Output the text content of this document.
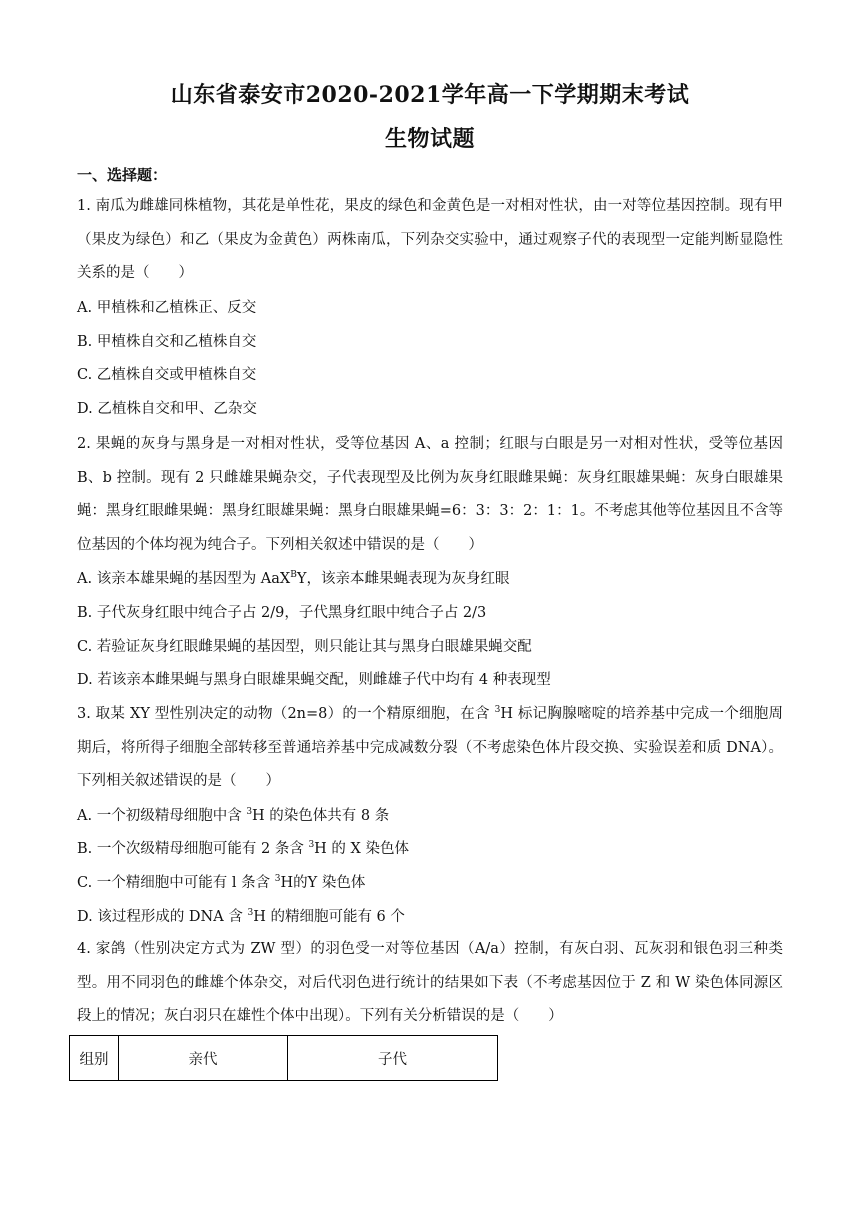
山东省泰安市2020-2021学年高一下学期期末考试
生物试题

一、选择题：

1. 南瓜为雌雄同株植物，其花是单性花，果皮的绿色和金黄色是一对相对性状，由一对等位基因控制。现有甲（果皮为绿色）和乙（果皮为金黄色）两株南瓜，下列杂交实验中，通过观察子代的表现型一定能判断显隐性关系的是（　　）

A. 甲植株和乙植株正、反交

B. 甲植株自交和乙植株自交

2. 果蝇的灰身与黑身是一对相对性状，受等位基因 A、a 控制；红眼与白眼是另一对相对性状，受等位基因 B、b 控制。现有 2 只雌雄果蝇杂交，子代表现型及比例为灰身红眼雌果蝇：灰身红眼雄果蝇：灰身白眼雄果蝇：黑身红眼雌果蝇：黑身红眼雄果蝇：黑身白眼雄果蝇=6：3：3：2：1：1。不考虑其他等位基因且不含等位基因的个体均视为纯合子。下列相关叙述中错误的是（　　）

A. 该亲本雄果蝇的基因型为 AaX$^B$Y，该亲本雌果蝇表现为灰身红眼

B. 子代灰身红眼中纯合子占 2/9，子代黑身红眼中纯合子占 2/3

C. 若验证灰身红眼雌果蝇的基因型，则只能让其与黑身白眼雄果蝇交配

D. 若该亲本雌果蝇与黑身白眼雄果蝇交配，则雌雄子代中均有 4 种表现型

3. 取某 XY 型性别决定的动物（2n=8）的一个精原细胞，在含 $^3$H 标记胸腺嘧啶的培养基中完成一个细胞周期后，将所得子细胞全部转移至普通培养基中完成减数分裂（不考虑染色体片段交换、实验误差和质 DNA）。下列相关叙述错误的是（　　）

A. 一个初级精母细胞中含 $^3$H 的染色体共有 8 条

B. 一个次级精母细胞可能有 2 条含 $^3$H 的 X 染色体

C. 一个精细胞中可能有 l 条含 $^3$H的Y 染色体

D. 该过程形成的 DNA 含 $^3$H 的精细胞可能有 6 个

4. 家鸽（性别决定方式为 ZW 型）的羽色受一对等位基因（A/a）控制，有灰白羽、瓦灰羽和银色羽三种类型。用不同羽色的雌雄个体杂交，对后代羽色进行统计的结果如下表（不考虑基因位于 Z 和 W 染色体同源区段上的情况；灰白羽只在雄性个体中出现）。下列有关分析错误的是（　　）

组别	亲代	子代

C. 乙植株自交或甲植株自交

D. 乙植株自交和甲、乙杂交
